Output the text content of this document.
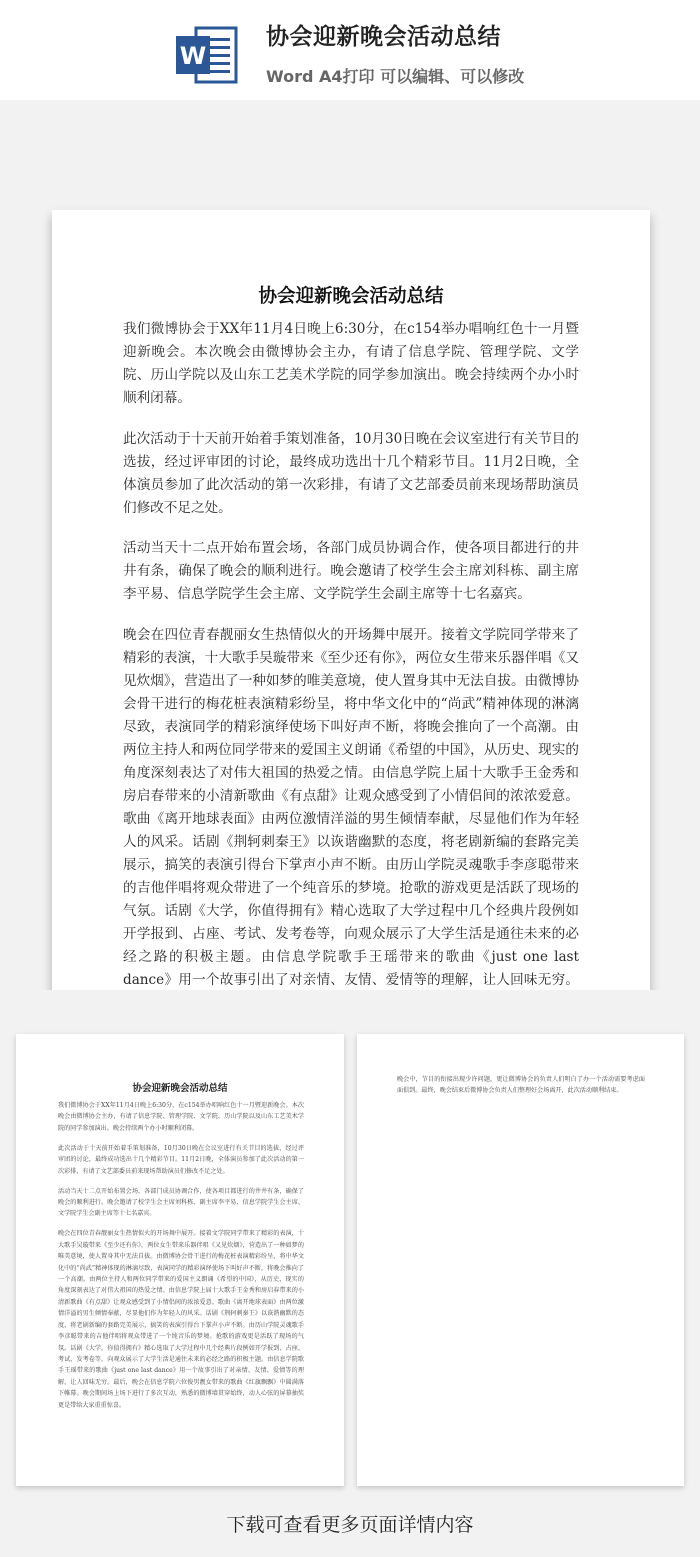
W
协会迎新晚会活动总结
Word A4打印 可以编辑、可以修改
协会迎新晚会活动总结

我们微博协会于XX年11月4日晚上6:30分，在c154举办唱响红色十一月暨迎新晚会。本次晚会由微博协会主办，有请了信息学院、管理学院、文学院、历山学院以及山东工艺美术学院的同学参加演出。晚会持续两个办小时顺利闭幕。

此次活动于十天前开始着手策划准备，10月30日晚在会议室进行有关节目的选拔，经过评审团的讨论，最终成功选出十几个精彩节目。11月2日晚，全体演员参加了此次活动的第一次彩排，有请了文艺部委员前来现场帮助演员们修改不足之处。

活动当天十二点开始布置会场，各部门成员协调合作，使各项目都进行的井井有条，确保了晚会的顺利进行。晚会邀请了校学生会主席刘科栋、副主席李平易、信息学院学生会主席、文学院学生会副主席等十七名嘉宾。

晚会在四位青春靓丽女生热情似火的开场舞中展开。接着文学院同学带来了精彩的表演，十大歌手吴璇带来《至少还有你》，两位女生带来乐器伴唱《又见炊烟》，营造出了一种如梦的唯美意境，使人置身其中无法自拔。由微博协会骨干进行的梅花桩表演精彩纷呈，将中华文化中的“尚武”精神体现的淋漓尽致，表演同学的精彩演绎使场下叫好声不断，将晚会推向了一个高潮。由两位主持人和两位同学带来的爱国主义朗诵《希望的中国》，从历史、现实的角度深刻表达了对伟大祖国的热爱之情。由信息学院上届十大歌手王金秀和房启春带来的小清新歌曲《有点甜》让观众感受到了小情侣间的浓浓爱意。歌曲《离开地球表面》由两位激情洋溢的男生倾情奉献，尽显他们作为年轻人的风采。话剧《荆轲刺秦王》以诙谐幽默的态度，将老剧新编的套路完美展示，搞笑的表演引得台下掌声小声不断。由历山学院灵魂歌手李彦聪带来的吉他伴唱将观众带进了一个纯音乐的梦境。抢歌的游戏更是活跃了现场的气氛。话剧《大学，你值得拥有》精心选取了大学过程中几个经典片段例如开学报到、占座、考试、发考卷等，向观众展示了大学生活是通往未来的必经之路的积极主题。由信息学院歌手王瑶带来的歌曲《just one last dance》用一个故事引出了对亲情、友情、爱情等的理解，让人回味无穷。

协会迎新晚会活动总结

我们微博协会于XX年11月4日晚上6:30分，在c154举办唱响红色十一月暨迎新晚会。本次晚会由微博协会主办，有请了信息学院、管理学院、文学院、历山学院以及山东工艺美术学院的同学参加演出。晚会持续两个办小时顺利闭幕。

此次活动于十天前开始着手策划准备，10月30日晚在会议室进行有关节目的选拔，经过评审团的讨论，最终成功选出十几个精彩节目。11月2日晚，全体演员参加了此次活动的第一次彩排，有请了文艺部委员前来现场帮助演员们修改不足之处。

活动当天十二点开始布置会场，各部门成员协调合作，使各项目都进行的井井有条，确保了晚会的顺利进行。晚会邀请了校学生会主席刘科栋、副主席李平易、信息学院学生会主席、文学院学生会副主席等十七名嘉宾。

晚会在四位青春靓丽女生热情似火的开场舞中展开。接着文学院同学带来了精彩的表演，十大歌手吴璇带来《至少还有你》，两位女生带来乐器伴唱《又见炊烟》，营造出了一种如梦的唯美意境，使人置身其中无法自拔。由微博协会骨干进行的梅花桩表演精彩纷呈，将中华文化中的“尚武”精神体现的淋漓尽致，表演同学的精彩演绎使场下叫好声不断，将晚会推向了一个高潮。由两位主持人和两位同学带来的爱国主义朗诵《希望的中国》，从历史、现实的角度深刻表达了对伟大祖国的热爱之情。由信息学院上届十大歌手王金秀和房启春带来的小清新歌曲《有点甜》让观众感受到了小情侣间的浓浓爱意。歌曲《离开地球表面》由两位激情洋溢的男生倾情奉献，尽显他们作为年轻人的风采。话剧《荆轲刺秦王》以诙谐幽默的态度，将老剧新编的套路完美展示，搞笑的表演引得台下掌声小声不断。由历山学院灵魂歌手李彦聪带来的吉他伴唱将观众带进了一个纯音乐的梦境。抢歌的游戏更是活跃了现场的气氛。话剧《大学，你值得拥有》精心选取了大学过程中几个经典片段例如开学报到、占座、考试、发考卷等，向观众展示了大学生活是通往未来的必经之路的积极主题。由信息学院歌手王瑶带来的歌曲《just one last dance》用一个故事引出了对亲情、友情、爱情等的理解，让人回味无穷。最后，晚会在信息学院六位俊男靓女带来的歌曲《红旗飘飘》中圆满落下帷幕。晚会期间场上场下进行了多次互动，熟悉的微博墙贯穿始终，动人心弦的屏幕抽奖更是带给大家重重惊喜。

晚会中，节目的衔接出现少许问题，更让微博协会的负责人们明白了办一个活动需要考虑面面俱到。最终，晚会结束后微博协会负责人们整理好会场离开，此次活动顺利结束。

下载可查看更多页面详情内容
